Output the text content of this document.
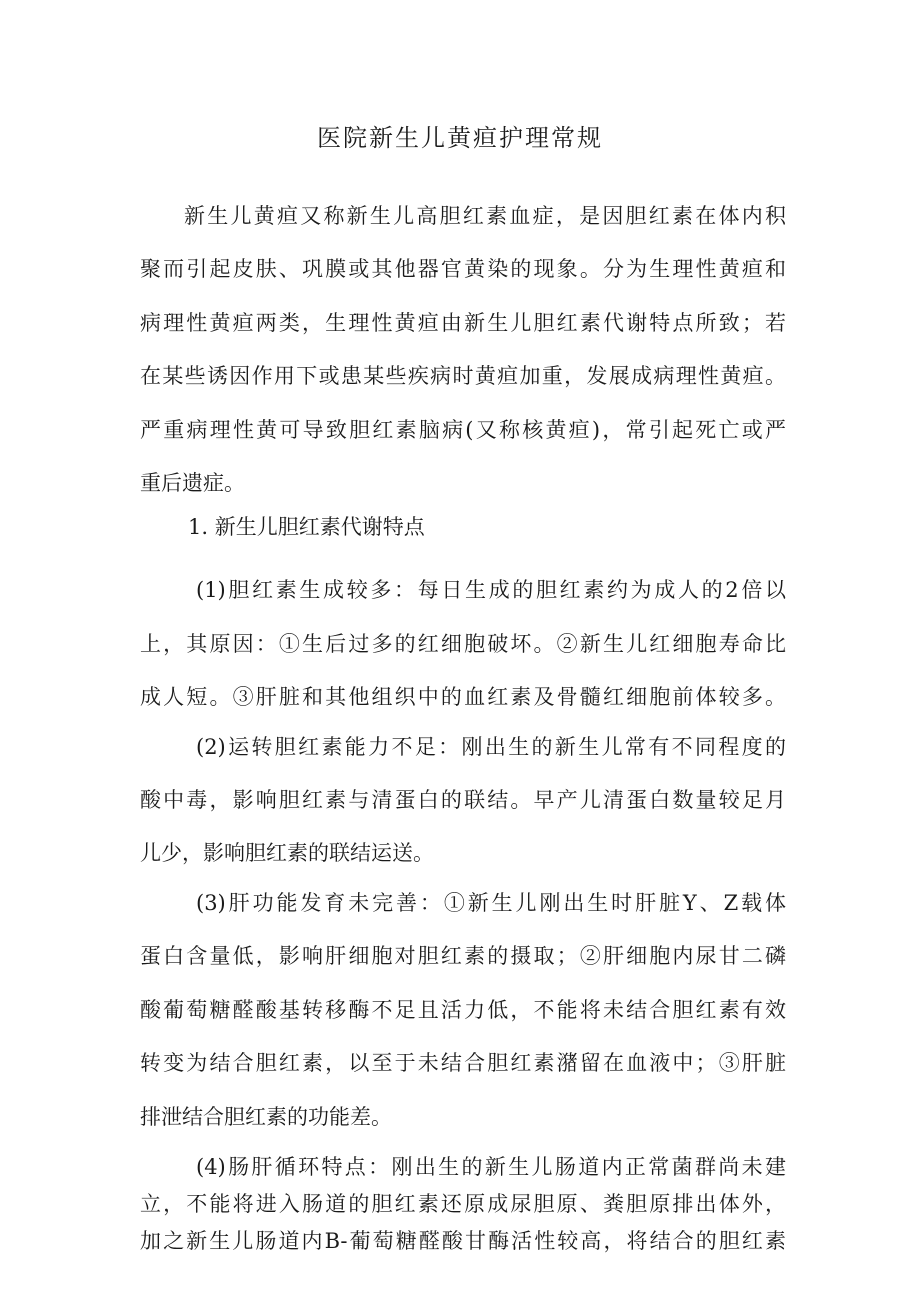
医院新生儿黄疸护理常规
新生儿黄疸又称新生儿高胆红素血症，是因胆红素在体内积
聚而引起皮肤、巩膜或其他器官黄染的现象。分为生理性黄疸和
病理性黄疸两类，生理性黄疸由新生儿胆红素代谢特点所致；若
在某些诱因作用下或患某些疾病时黄疸加重，发展成病理性黄疸。
严重病理性黄可导致胆红素脑病(又称核黄疸)，常引起死亡或严
重后遗症。
1. 新生儿胆红素代谢特点
(1)胆红素生成较多：每日生成的胆红素约为成人的2倍以
上，其原因：①生后过多的红细胞破坏。②新生儿红细胞寿命比
成人短。③肝脏和其他组织中的血红素及骨髓红细胞前体较多。
(2)运转胆红素能力不足：刚出生的新生儿常有不同程度的
酸中毒，影响胆红素与清蛋白的联结。早产儿清蛋白数量较足月
儿少，影响胆红素的联结运送。
(3)肝功能发育未完善：①新生儿刚出生时肝脏Y、Z载体
蛋白含量低，影响肝细胞对胆红素的摄取；②肝细胞内尿甘二磷
酸葡萄糖醛酸基转移酶不足且活力低，不能将未结合胆红素有效
转变为结合胆红素，以至于未结合胆红素潴留在血液中；③肝脏
排泄结合胆红素的功能差。
(4)肠肝循环特点：刚出生的新生儿肠道内正常菌群尚未建
立，不能将进入肠道的胆红素还原成尿胆原、粪胆原排出体外，
加之新生儿肠道内B-葡萄糖醛酸甘酶活性较高，将结合的胆红素
